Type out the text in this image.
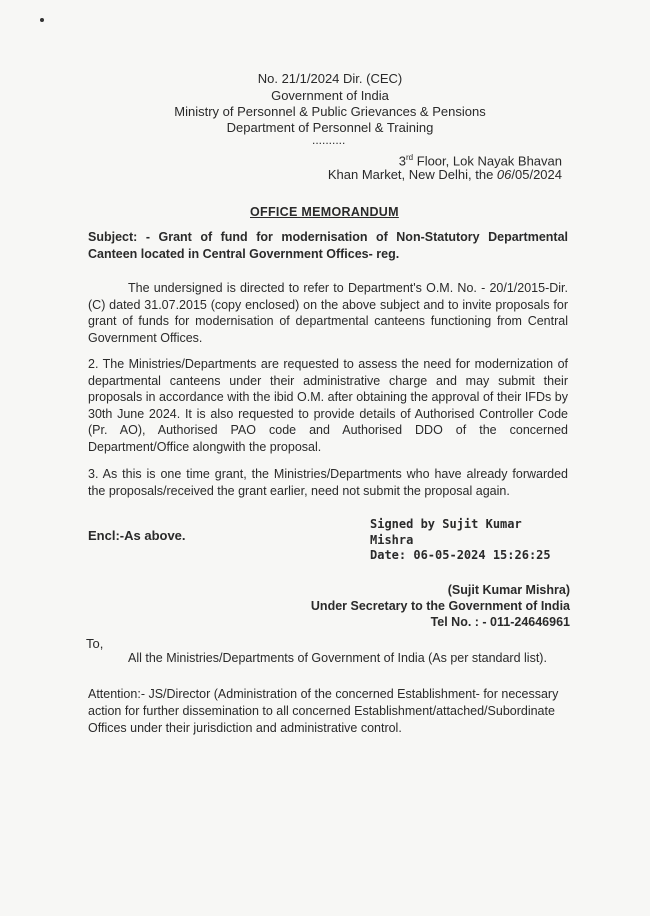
No. 21/1/2024 Dir. (CEC)
Government of India
Ministry of Personnel & Public Grievances & Pensions
Department of Personnel & Training
..........
3rd Floor, Lok Nayak Bhavan
Khan Market, New Delhi, the 06/05/2024
OFFICE MEMORANDUM
Subject: - Grant of fund for modernisation of Non-Statutory Departmental Canteen located in Central Government Offices- reg.
The undersigned is directed to refer to Department's O.M. No. - 20/1/2015-Dir.(C) dated 31.07.2015 (copy enclosed) on the above subject and to invite proposals for grant of funds for modernisation of departmental canteens functioning from Central Government Offices.
2. The Ministries/Departments are requested to assess the need for modernization of departmental canteens under their administrative charge and may submit their proposals in accordance with the ibid O.M. after obtaining the approval of their IFDs by 30th June 2024. It is also requested to provide details of Authorised Controller Code (Pr. AO), Authorised PAO code and Authorised DDO of the concerned Department/Office alongwith the proposal.
3. As this is one time grant, the Ministries/Departments who have already forwarded the proposals/received the grant earlier, need not submit the proposal again.
Encl:-As above.
Signed by Sujit Kumar
Mishra
Date: 06-05-2024 15:26:25
(Sujit Kumar Mishra)
Under Secretary to the Government of India
Tel No. : - 011-24646961
To,
All the Ministries/Departments of Government of India (As per standard list).
Attention:- JS/Director (Administration of the concerned Establishment- for necessary action for further dissemination to all concerned Establishment/attached/Subordinate Offices under their jurisdiction and administrative control.
